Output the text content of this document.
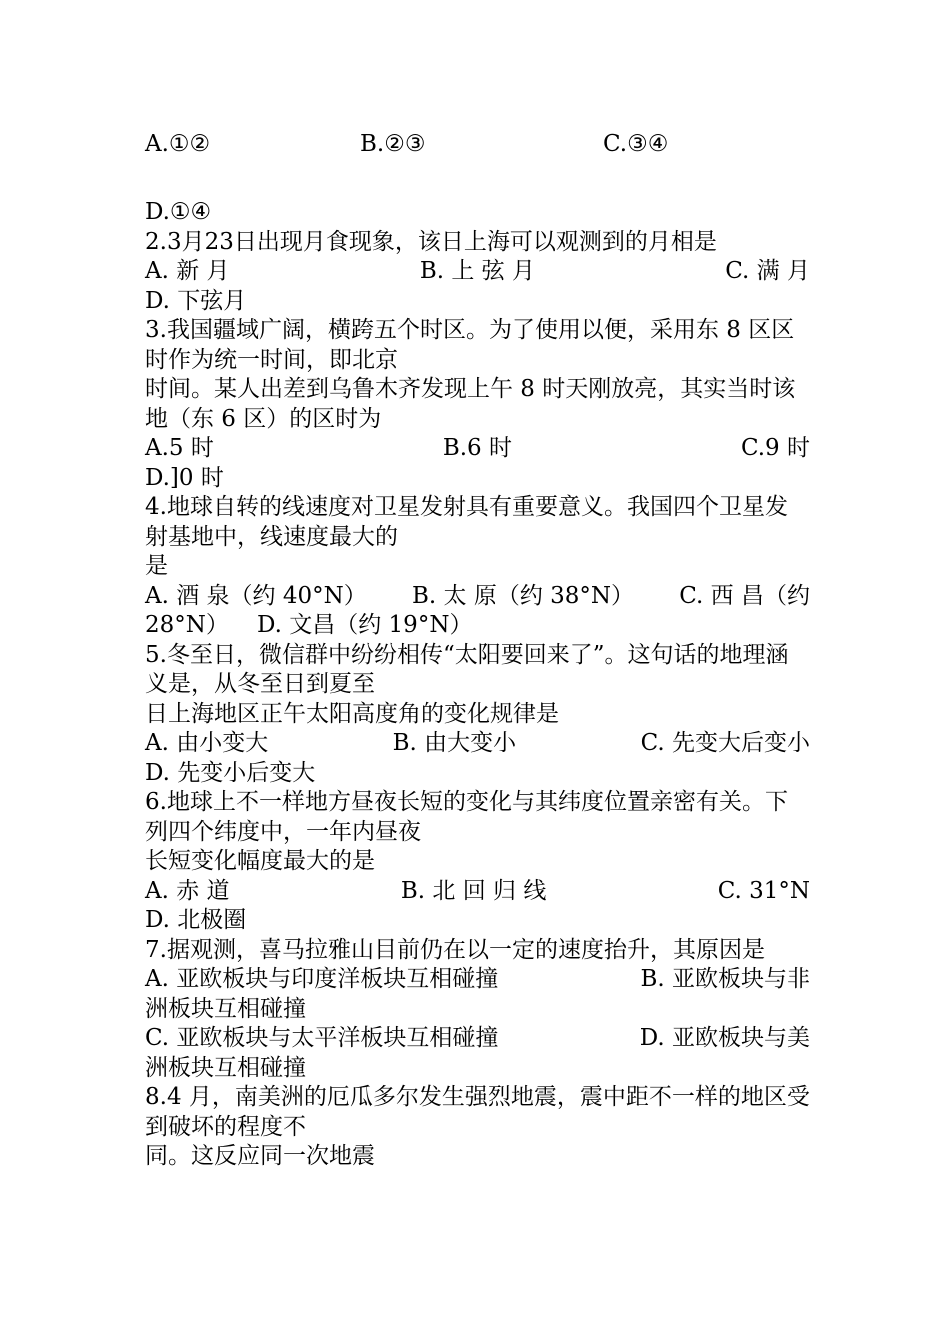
A.①②	B.②③	C.③④
D.①④
2.3月23日出现月食现象，该日上海可以观测到的月相是
A. 新 月	B. 上 弦 月	C. 满 月
D. 下弦月
3.我国疆域广阔，横跨五个时区。为了使用以便，采用东 8 区区时作为统一时间，即北京
时间。某人出差到乌鲁木齐发现上午 8 时天刚放亮，其实当时该地（东 6 区）的区时为
A.5 时	B.6 时	C.9 时
D.]0 时
4.地球自转的线速度对卫星发射具有重要意义。我国四个卫星发射基地中，线速度最大的
是
A. 酒 泉（约 40°N） B. 太 原（约 38°N） C. 西 昌（约
28°N）	D. 文昌（约 19°N）
5.冬至日，微信群中纷纷相传“太阳要回来了”。这句话的地理涵义是，从冬至日到夏至
日上海地区正午太阳高度角的变化规律是
A. 由小变大	B. 由大变小	C. 先变大后变小
D. 先变小后变大
6.地球上不一样地方昼夜长短的变化与其纬度位置亲密有关。下列四个纬度中，一年内昼夜
长短变化幅度最大的是
A. 赤 道	B. 北 回 归 线	C. 31°N
D. 北极圈
7.据观测，喜马拉雅山目前仍在以一定的速度抬升，其原因是
A. 亚欧板块与印度洋板块互相碰撞	B. 亚欧板块与非
洲板块互相碰撞
C. 亚欧板块与太平洋板块互相碰撞	D. 亚欧板块与美
洲板块互相碰撞
8.4 月，南美洲的厄瓜多尔发生强烈地震，震中距不一样的地区受到破坏的程度不
同。这反应同一次地震
